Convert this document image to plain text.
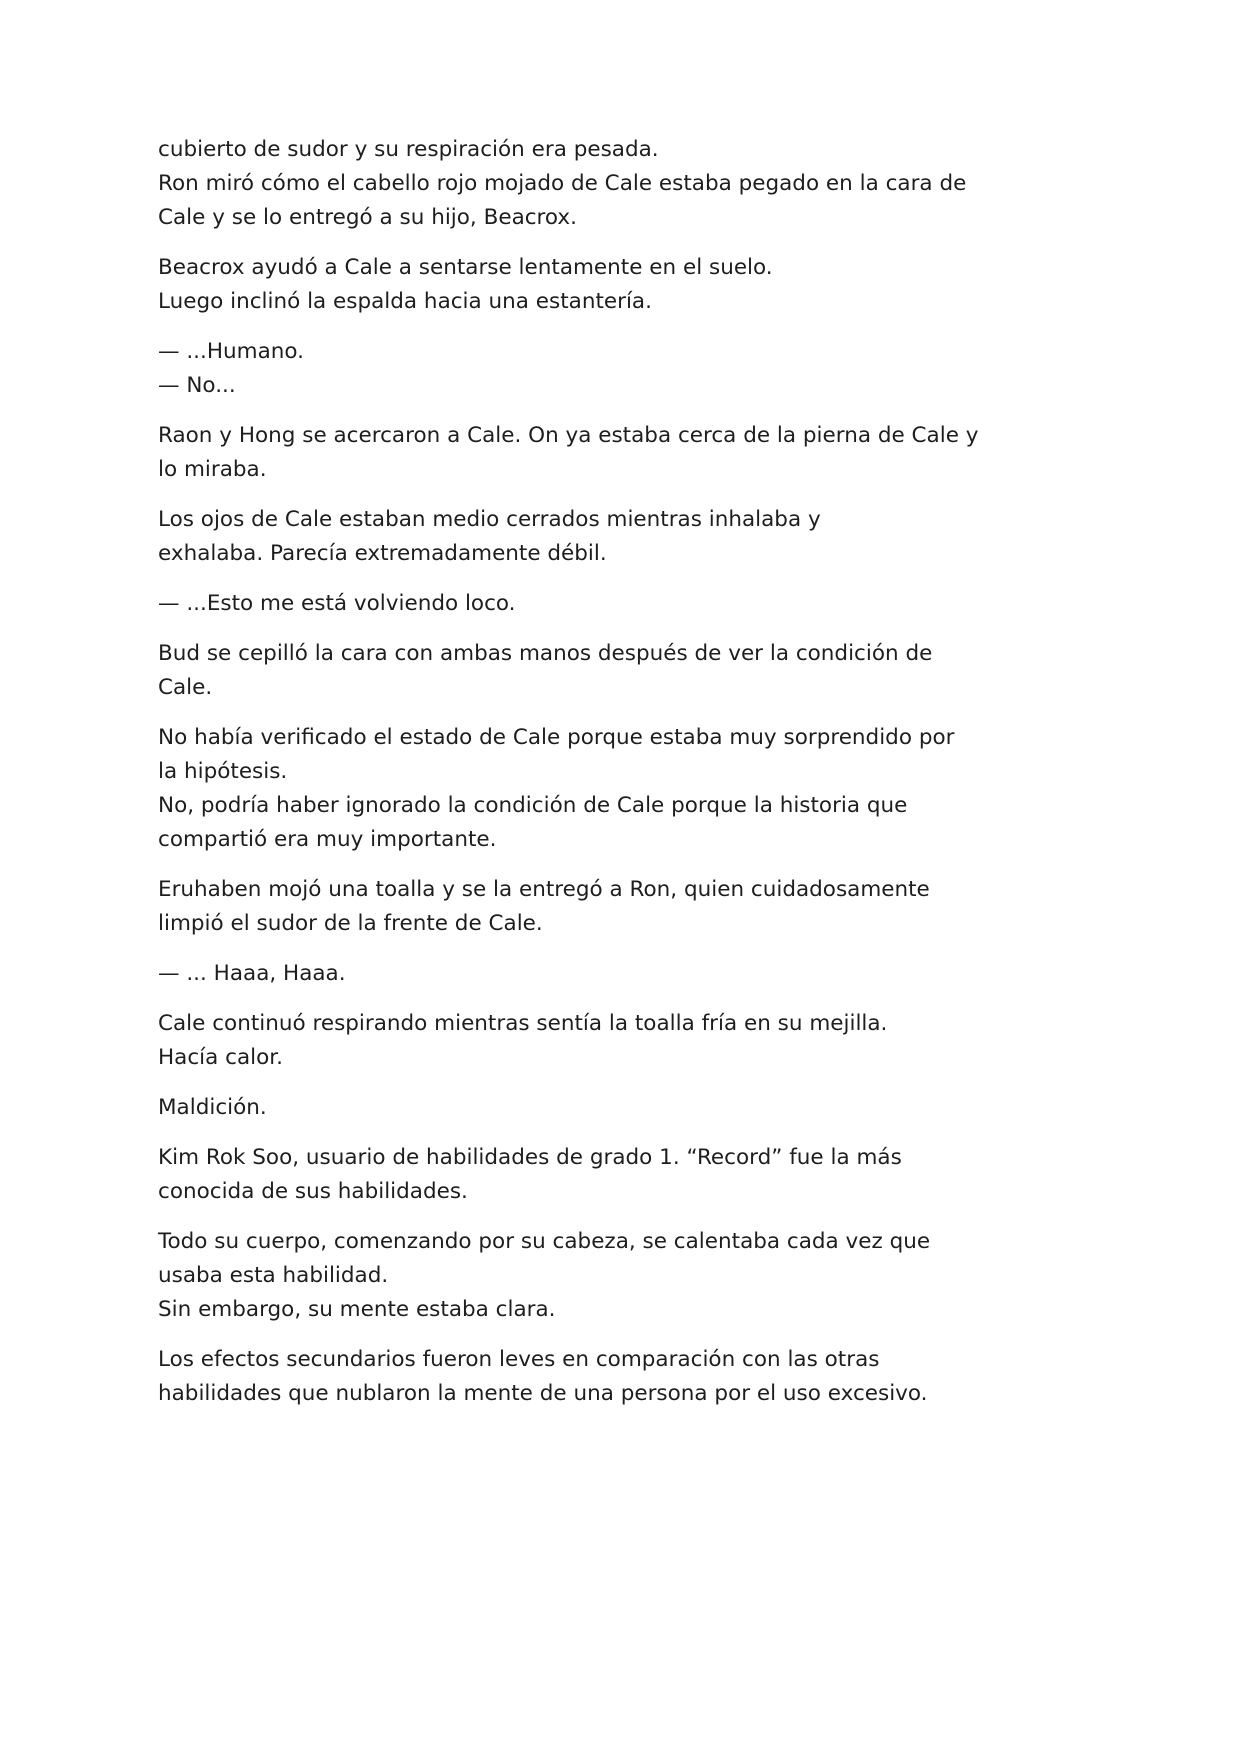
cubierto de sudor y su respiración era pesada.
Ron miró cómo el cabello rojo mojado de Cale estaba pegado en la cara de
Cale y se lo entregó a su hijo, Beacrox.

Beacrox ayudó a Cale a sentarse lentamente en el suelo.
Luego inclinó la espalda hacia una estantería.

— ...Humano.
— No...

Raon y Hong se acercaron a Cale. On ya estaba cerca de la pierna de Cale y
lo miraba.

Los ojos de Cale estaban medio cerrados mientras inhalaba y
exhalaba. Parecía extremadamente débil.

— ...Esto me está volviendo loco.

Bud se cepilló la cara con ambas manos después de ver la condición de
Cale.

No había verificado el estado de Cale porque estaba muy sorprendido por
la hipótesis.
No, podría haber ignorado la condición de Cale porque la historia que
compartió era muy importante.

Eruhaben mojó una toalla y se la entregó a Ron, quien cuidadosamente
limpió el sudor de la frente de Cale.

— ... Haaa, Haaa.

Cale continuó respirando mientras sentía la toalla fría en su mejilla.
Hacía calor.

Maldición.

Kim Rok Soo, usuario de habilidades de grado 1. “Record” fue la más
conocida de sus habilidades.

Todo su cuerpo, comenzando por su cabeza, se calentaba cada vez que
usaba esta habilidad.
Sin embargo, su mente estaba clara.

Los efectos secundarios fueron leves en comparación con las otras
habilidades que nublaron la mente de una persona por el uso excesivo.
